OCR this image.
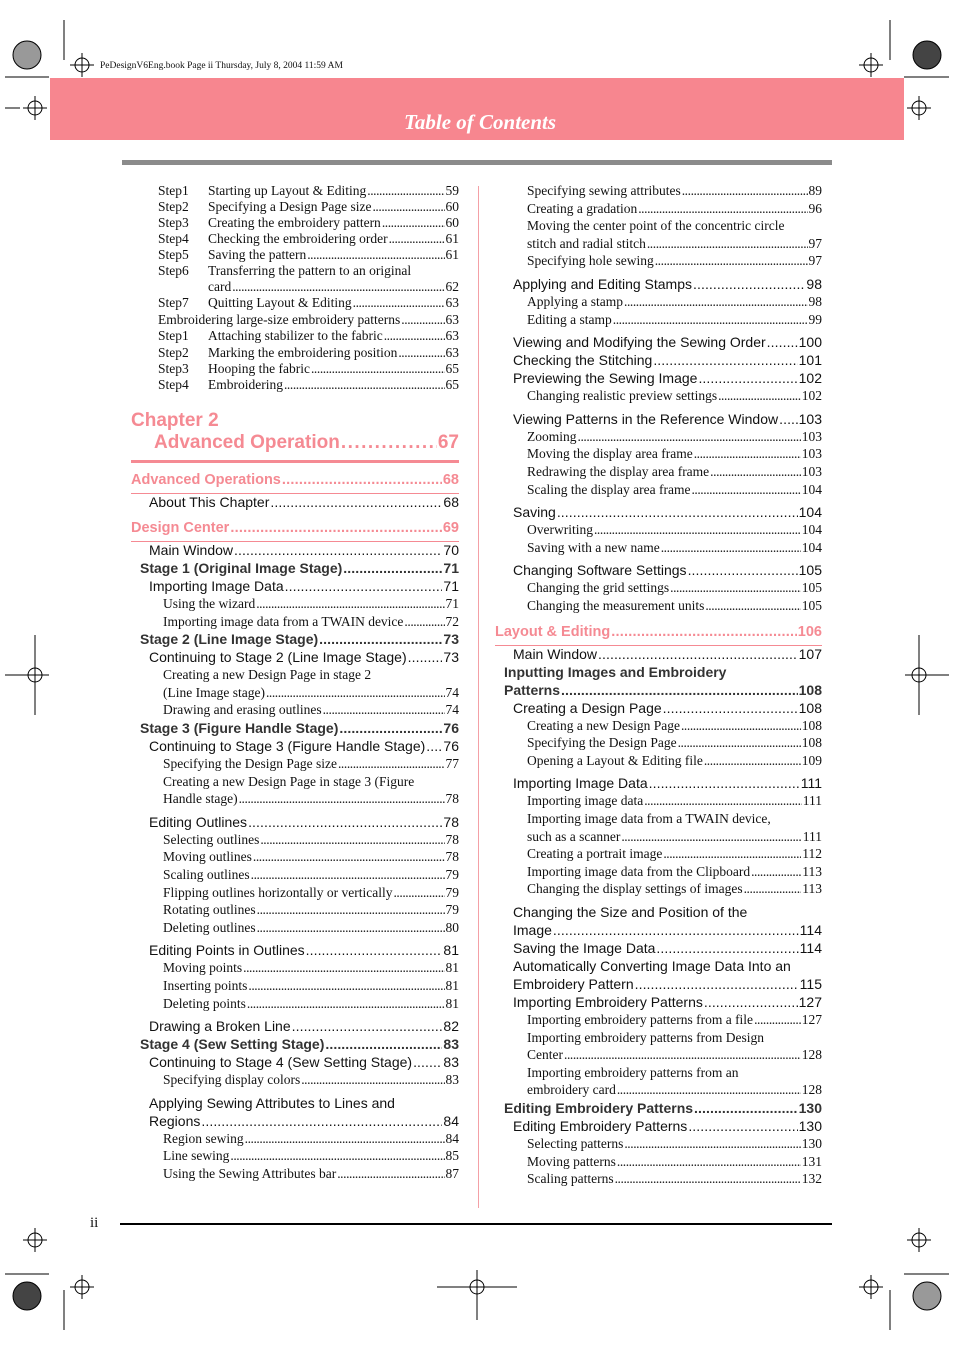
PeDesignV6Eng.book Page ii Thursday, July 8, 2004 11:59 AM
Table of Contents
Step1	Starting up Layout & Editing . . .	59
Step2	Specifying a Design Page size . . .	60
Step3	Creating the embroidery pattern . . .	60
Step4	Checking the embroidering order . . .	61
Step5	Saving the pattern . . .	61
Step6 Transferring the pattern to an original
card . . .	62
Step7	Quitting Layout & Editing . . .	63
Embroidering large-size embroidery patterns . . .	63
Step1	Attaching stabilizer to the fabric . . .	63
Step2	Marking the embroidering position . . .	63
Step3	Hooping the fabric . . .	65
Step4	Embroidering . . .	65
Chapter 2
Advanced Operation . . .	67
Advanced Operations . . .	68
About This Chapter . . .	68
Design Center . . .	69
Main Window . . .	70
Stage 1 (Original Image Stage) . . .	71
Importing Image Data . . .	71
Using the wizard . . .	71
Importing image data from a TWAIN device . . .	72
Stage 2 (Line Image Stage) . . .	73
Continuing to Stage 2 (Line Image Stage) . . .	73
Creating a new Design Page in stage 2
(Line Image stage) . . .	74
Drawing and erasing outlines . . .	74
Stage 3 (Figure Handle Stage) . . .	76
Continuing to Stage 3 (Figure Handle Stage) . . . 76
Specifying the Design Page size . . .	77
Creating a new Design Page in stage 3 (Figure
Handle stage) . . .	78
Editing Outlines . . .	78
Selecting outlines . . .	78
Moving outlines . . .	78
Scaling outlines . . .	79
Flipping outlines horizontally or vertically . . .	79
Rotating outlines . . .	79
Deleting outlines . . .	80
Editing Points in Outlines . . .	81
Moving points . . .	81
Inserting points . . .	81
Deleting points . . .	81
Drawing a Broken Line . . .	82
Stage 4 (Sew Setting Stage) . . .	83
Continuing to Stage 4 (Sew Setting Stage) . . . 83
Specifying display colors . . .	83
Applying Sewing Attributes to Lines and
Regions . . .	84
Region sewing . . .	84
Line sewing . . .	85
Using the Sewing Attributes bar . . .	87
Specifying sewing attributes . . .	89
Creating a gradation . . .	96
Moving the center point of the concentric circle
stitch and radial stitch . . .	97
Specifying hole sewing . . .	97
Applying and Editing Stamps . . .	98
Applying a stamp . . .	98
Editing a stamp . . .	99
Viewing and Modifying the Sewing Order . . . 100
Checking the Stitching . . .	101
Previewing the Sewing Image . . .	102
Changing realistic preview settings . . .	102
Viewing Patterns in the Reference Window . . . 103
Zooming . . .	103
Moving the display area frame . . .	103
Redrawing the display area frame . . .	103
Scaling the display area frame . . .	104
Saving . . .	104
Overwriting . . .	104
Saving with a new name . . .	104
Changing Software Settings . . .	105
Changing the grid settings . . .	105
Changing the measurement units . . .	105
Layout & Editing . . .	106
Main Window . . .	107
Inputting Images and Embroidery
Patterns . . .	108
Creating a Design Page . . .	108
Creating a new Design Page . . .	108
Specifying the Design Page . . .	108
Opening a Layout & Editing file . . .	109
Importing Image Data . . .	111
Importing image data . . .	111
Importing image data from a TWAIN device,
such as a scanner . . .	111
Creating a portrait image . . .	112
Importing image data from the Clipboard . . .	113
Changing the display settings of images . . .	113
Changing the Size and Position of the
Image . . .	114
Saving the Image Data . . .	114
Automatically Converting Image Data Into an
Embroidery Pattern . . .	115
Importing Embroidery Patterns . . .	127
Importing embroidery patterns from a file . . .	127
Importing embroidery patterns from Design
Center . . .	128
Importing embroidery patterns from an
embroidery card . . .	128
Editing Embroidery Patterns . . .	130
Editing Embroidery Patterns . . .	130
Selecting patterns . . .	130
Moving patterns . . .	131
Scaling patterns . . .	132
ii
